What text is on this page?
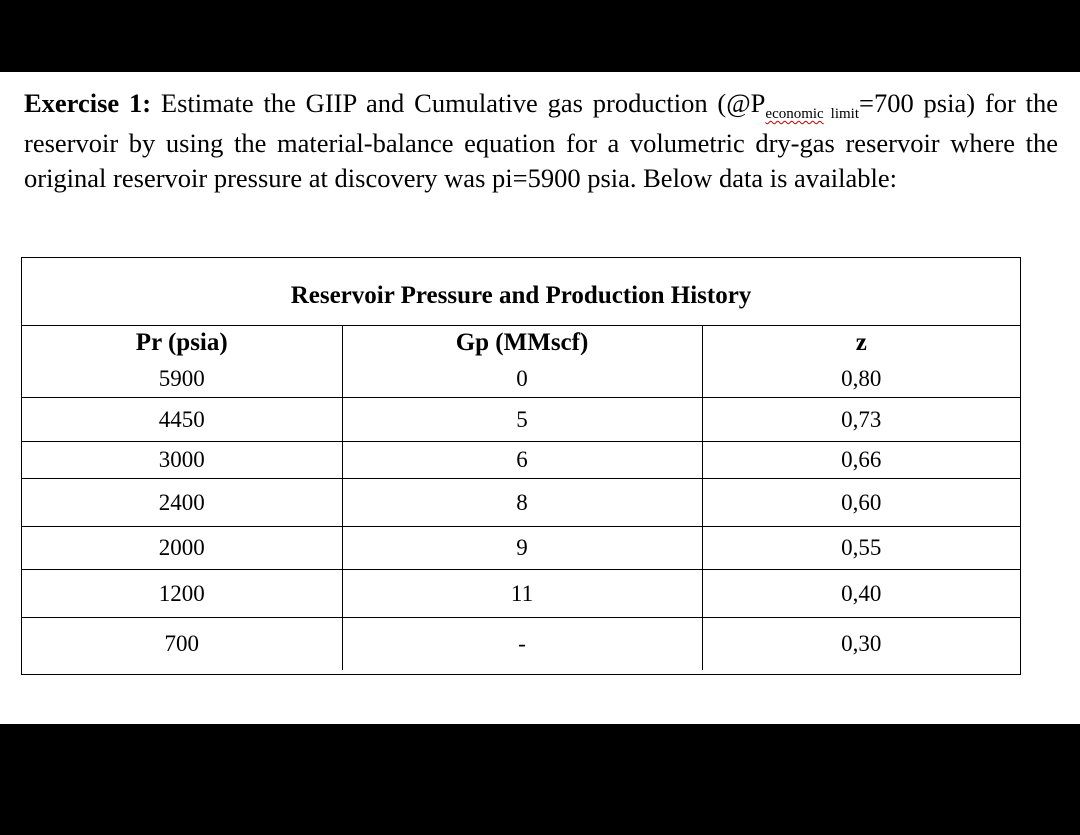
Exercise 1: Estimate the GIIP and Cumulative gas production ($@P_{economic}$ $_{limit}$=700 psia) for the reservoir by using the material-balance equation for a volumetric dry-gas reservoir where the original reservoir pressure at discovery was pi=5900 psia. Below data is available:

Reservoir Pressure and Production History
Pr (psia)	Gp (MMscf)	z
5900	0	0,80
4450	5	0,73
3000	6	0,66
2400	8	0,60
2000	9	0,55
1200	11	0,40
700	-	0,30
